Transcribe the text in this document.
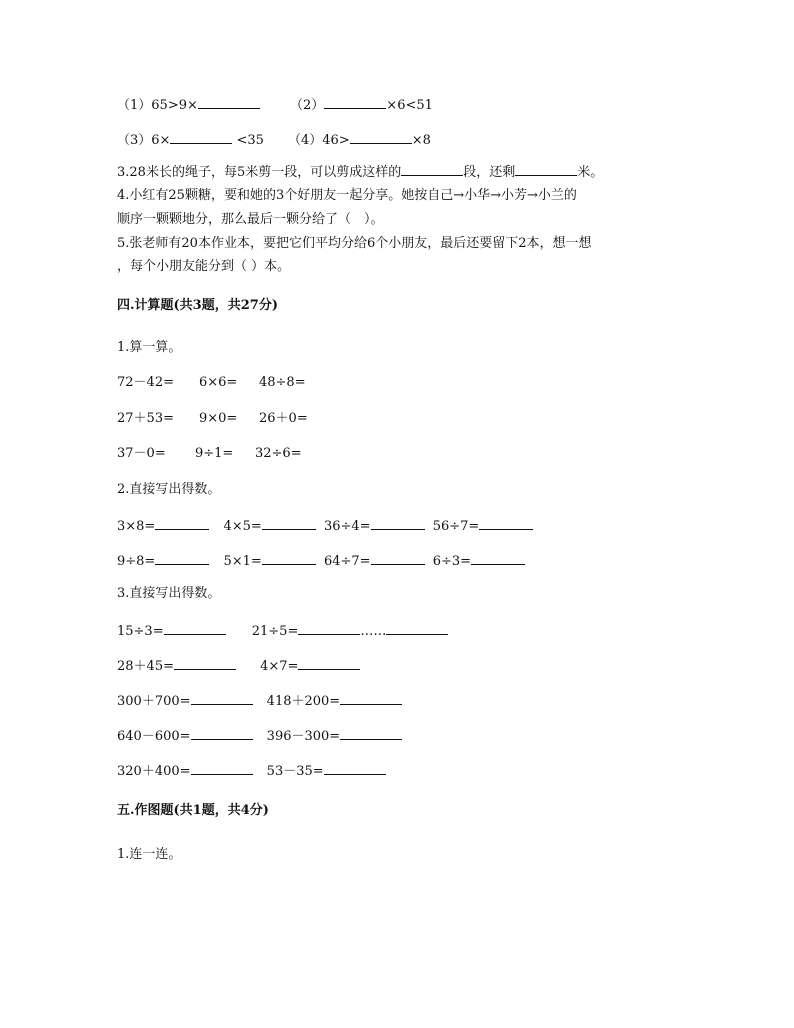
（1）65>9×	（2）	×6<51
（3）6×	<35 （4）46>	×8
3.28米长的绳子，每5米剪一段，可以剪成这样的	段，还剩	米。
4.小红有25颗糖，要和她的3个好朋友一起分享。她按自己→小华→小芳→小兰的
顺序一颗颗地分，那么最后一颗分给了（　）。
5.张老师有20本作业本，要把它们平均分给6个小朋友，最后还要留下2本，想一想
，每个小朋友能分到（ ）本。
四.计算题(共3题，共27分)
1.算一算。
72－42= 6×6= 48÷8=
27＋53= 9×0= 26＋0=
37－0= 9÷1= 32÷6=
2.直接写出得数。
3×8=	4×5=	36÷4=	56÷7=
9÷8=	5×1=	64÷7=	6÷3=
3.直接写出得数。
15÷3=	21÷5=	……
28＋45=	4×7=
300＋700=	418＋200=
640－600=	396－300=
320＋400=	53－35=
五.作图题(共1题，共4分)
1.连一连。
